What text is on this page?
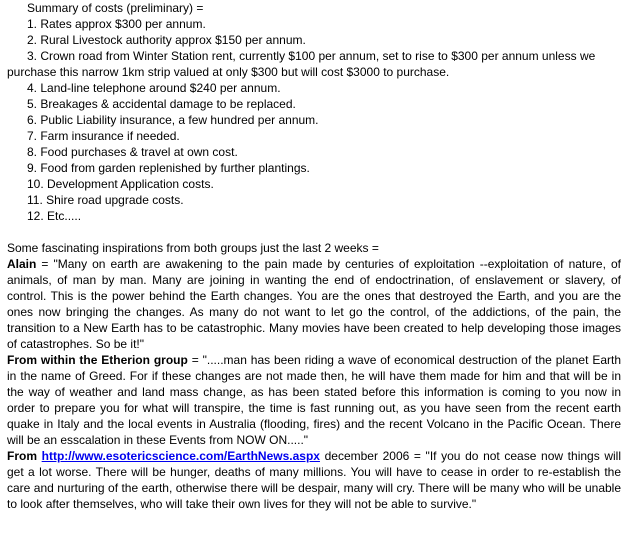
Summary of costs (preliminary) =
1. Rates approx $300 per annum.
2. Rural Livestock authority approx $150 per annum.
3. Crown road from Winter Station rent, currently $100 per annum, set to rise to $300 per annum unless we purchase this narrow 1km strip valued at only $300 but will cost $3000 to purchase.
4. Land-line telephone around $240 per annum.
5. Breakages & accidental damage to be replaced.
6. Public Liability insurance, a few hundred per annum.
7. Farm insurance if needed.
8. Food purchases & travel at own cost.
9. Food from garden replenished by further plantings.
10. Development Application costs.
11. Shire road upgrade costs.
12. Etc.....
Some fascinating inspirations from both groups just the last 2 weeks =

Alain = "Many on earth are awakening to the pain made by centuries of exploitation --exploitation of nature, of animals, of man by man. Many are joining in wanting the end of endoctrination, of enslavement or slavery, of control. This is the power behind the Earth changes. You are the ones that destroyed the Earth, and you are the ones now bringing the changes. As many do not want to let go the control, of the addictions, of the pain, the transition to a New Earth has to be catastrophic. Many movies have been created to help developing those images of catastrophes. So be it!"

From within the Etherion group = ".....man has been riding a wave of economical destruction of the planet Earth in the name of Greed. For if these changes are not made then, he will have them made for him and that will be in the way of weather and land mass change, as has been stated before this information is coming to you now in order to prepare you for what will transpire, the time is fast running out, as you have seen from the recent earth quake in Italy and the local events in Australia (flooding, fires) and the recent Volcano in the Pacific Ocean. There will be an esscalation in these Events from NOW ON....."

From http://www.esotericscience.com/EarthNews.aspx december 2006 = "If you do not cease now things will get a lot worse. There will be hunger, deaths of many millions. You will have to cease in order to re-establish the care and nurturing of the earth, otherwise there will be despair, many will cry. There will be many who will be unable to look after themselves, who will take their own lives for they will not be able to survive."
